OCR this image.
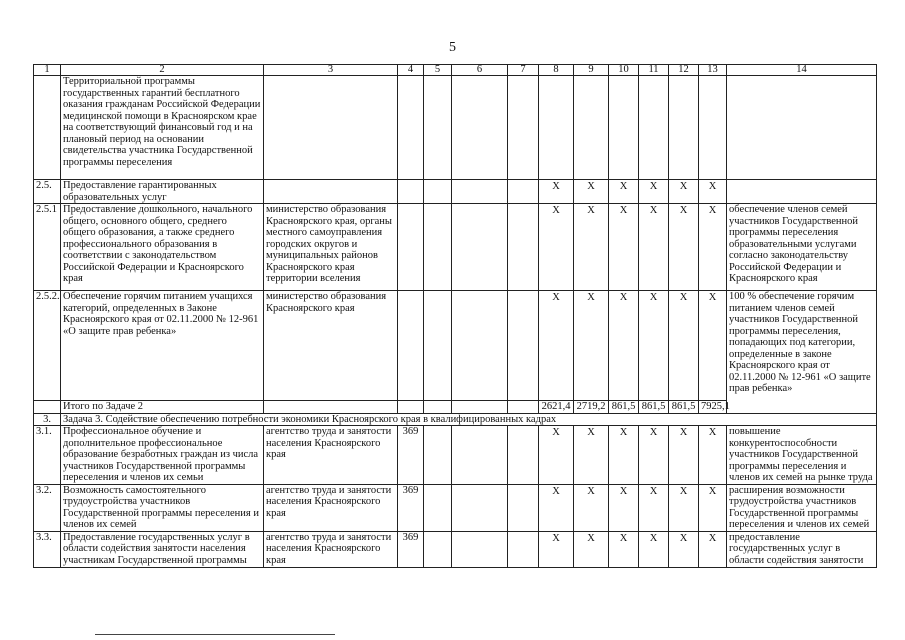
5
1	2	3	4	5	6	7	8	9	10	11	12	13	14
	Территориальной программы государственных гарантий бесплатного оказания гражданам Российской Федерации медицинской помощи в Красноярском крае на соответствующий финансовый год и на плановый период на основании свидетельства участника Государственной программы переселения												
2.5.	Предоставление гарантированных образовательных услуг						Х	Х	Х	Х	Х	Х	
2.5.1	Предоставление дошкольного, начального общего, основного общего, среднего общего образования, а также среднего профессионального образования в соответствии с законодательством Российской Федерации и Красноярского края	министерство образования Красноярского края, органы местного самоуправления городских округов и муниципальных районов Красноярского края территории вселения					Х	Х	Х	Х	Х	Х	обеспечение членов семей участников Государственной программы переселения образовательными услугами согласно законодательству Российской Федерации и Красноярского края
2.5.2.	Обеспечение горячим питанием учащихся категорий, определенных в Законе Красноярского края от 02.11.2000 № 12-961 «О защите прав ребенка»	министерство образования Красноярского края					Х	Х	Х	Х	Х	Х	100 % обеспечение горячим питанием членов семей участников Государственной программы переселения, попадающих под категории, определенные в законе Красноярского края от 02.11.2000 № 12-961 «О защите прав ребенка»
	Итого по Задаче 2						2621,4	2719,2	861,5	861,5	861,5	7925,1	
3.	Задача 3. Содействие обеспечению потребности экономики Красноярского края в квалифицированных кадрах												
3.1.	Профессиональное обучение и дополнительное профессиональное образование безработных граждан из числа участников Государственной программы переселения и членов их семьи	агентство труда и занятости населения Красноярского края	369				Х	Х	Х	Х	Х	Х	повышение конкурентоспособности участников Государственной программы переселения и членов их семей на рынке труда
3.2.	Возможность самостоятельного трудоустройства участников Государственной программы переселения и членов их семей	агентство труда и занятости населения Красноярского края	369				Х	Х	Х	Х	Х	Х	расширения возможности трудоустройства участников Государственной программы переселения и членов их семей
3.3.	Предоставление государственных услуг в области содействия занятости населения участникам Государственной программы	агентство труда и занятости населения Красноярского края	369				Х	Х	Х	Х	Х	Х	предоставление государственных услуг в области содействия занятости
